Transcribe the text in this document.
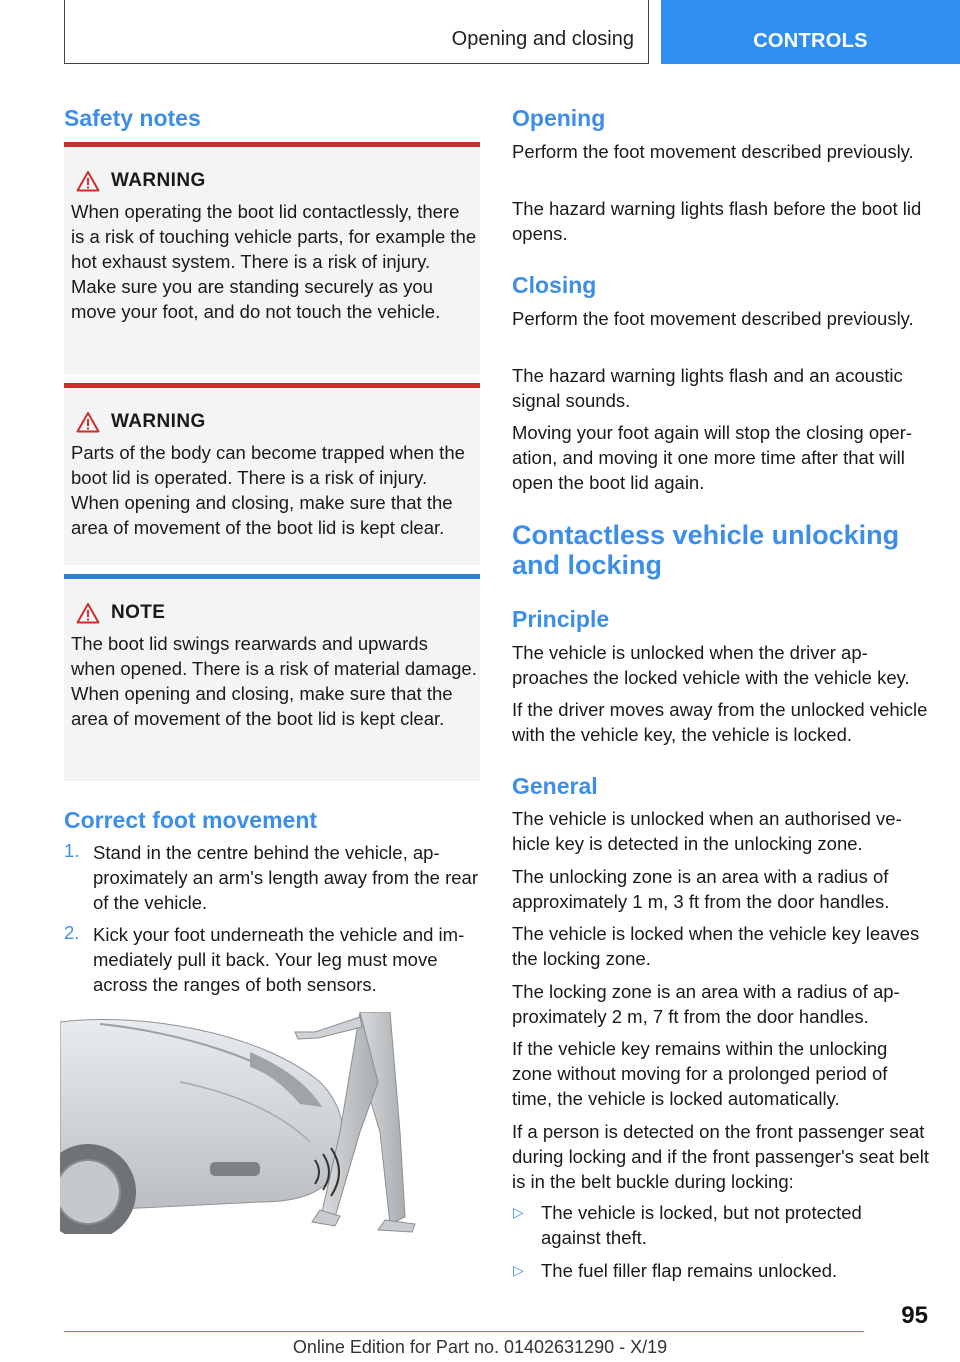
Opening and closing	CONTROLS
Safety notes
WARNING
When operating the boot lid contactlessly, there is a risk of touching vehicle parts, for example the hot exhaust system. There is a risk of injury. Make sure you are standing securely as you move your foot, and do not touch the vehicle.
WARNING
Parts of the body can become trapped when the boot lid is operated. There is a risk of injury. When opening and closing, make sure that the area of movement of the boot lid is kept clear.
NOTE
The boot lid swings rearwards and upwards when opened. There is a risk of material damage. When opening and closing, make sure that the area of movement of the boot lid is kept clear.
Correct foot movement
1. Stand in the centre behind the vehicle, approximately an arm's length away from the rear of the vehicle.
2. Kick your foot underneath the vehicle and immediately pull it back. Your leg must move across the ranges of both sensors.
Opening

Perform the foot movement described previously.

The hazard warning lights flash before the boot lid opens.

Closing

Perform the foot movement described previously.

The hazard warning lights flash and an acoustic signal sounds.

Moving your foot again will stop the closing operation, and moving it one more time after that will open the boot lid again.

Contactless vehicle unlocking and locking
Principle

The vehicle is unlocked when the driver approaches the locked vehicle with the vehicle key.

If the driver moves away from the unlocked vehicle with the vehicle key, the vehicle is locked.

General

The vehicle is unlocked when an authorised vehicle key is detected in the unlocking zone.

The unlocking zone is an area with a radius of approximately 1 m, 3 ft from the door handles.

The vehicle is locked when the vehicle key leaves the locking zone.

The locking zone is an area with a radius of approximately 2 m, 7 ft from the door handles.

If the vehicle key remains within the unlocking zone without moving for a prolonged period of time, the vehicle is locked automatically.

If a person is detected on the front passenger seat during locking and if the front passenger's seat belt is in the belt buckle during locking:

▷ The vehicle is locked, but not protected against theft.
▷ The fuel filler flap remains unlocked.
95
Online Edition for Part no. 01402631290 - X/19
